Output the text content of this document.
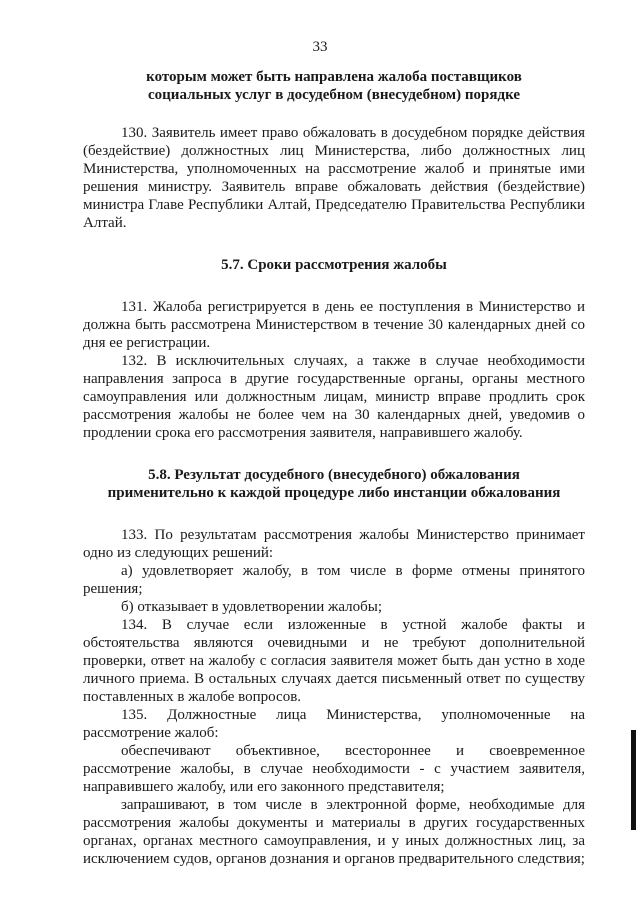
33
которым может быть направлена жалоба поставщиков
социальных услуг в досудебном (внесудебном) порядке

130. Заявитель имеет право обжаловать в досудебном порядке действия (бездействие) должностных лиц Министерства, либо должностных лиц Министерства, уполномоченных на рассмотрение жалоб и принятые ими решения министру. Заявитель вправе обжаловать действия (бездействие) министра Главе Республики Алтай, Председателю Правительства Республики Алтай.

5.7. Сроки рассмотрения жалобы

131. Жалоба регистрируется в день ее поступления в Министерство и должна быть рассмотрена Министерством в течение 30 календарных дней со дня ее регистрации.

132. В исключительных случаях, а также в случае необходимости направления запроса в другие государственные органы, органы местного самоуправления или должностным лицам, министр вправе продлить срок рассмотрения жалобы не более чем на 30 календарных дней, уведомив о продлении срока его рассмотрения заявителя, направившего жалобу.

5.8. Результат досудебного (внесудебного) обжалования
применительно к каждой процедуре либо инстанции обжалования

133. По результатам рассмотрения жалобы Министерство принимает одно из следующих решений:

а) удовлетворяет жалобу, в том числе в форме отмены принятого решения;

б) отказывает в удовлетворении жалобы;

134. В случае если изложенные в устной жалобе факты и обстоятельства являются очевидными и не требуют дополнительной проверки, ответ на жалобу с согласия заявителя может быть дан устно в ходе личного приема. В остальных случаях дается письменный ответ по существу поставленных в жалобе вопросов.

135. Должностные лица Министерства, уполномоченные на рассмотрение жалоб:

обеспечивают объективное, всестороннее и своевременное рассмотрение жалобы, в случае необходимости - с участием заявителя, направившего жалобу, или его законного представителя;

запрашивают, в том числе в электронной форме, необходимые для рассмотрения жалобы документы и материалы в других государственных органах, органах местного самоуправления, и у иных должностных лиц, за исключением судов, органов дознания и органов предварительного следствия;
